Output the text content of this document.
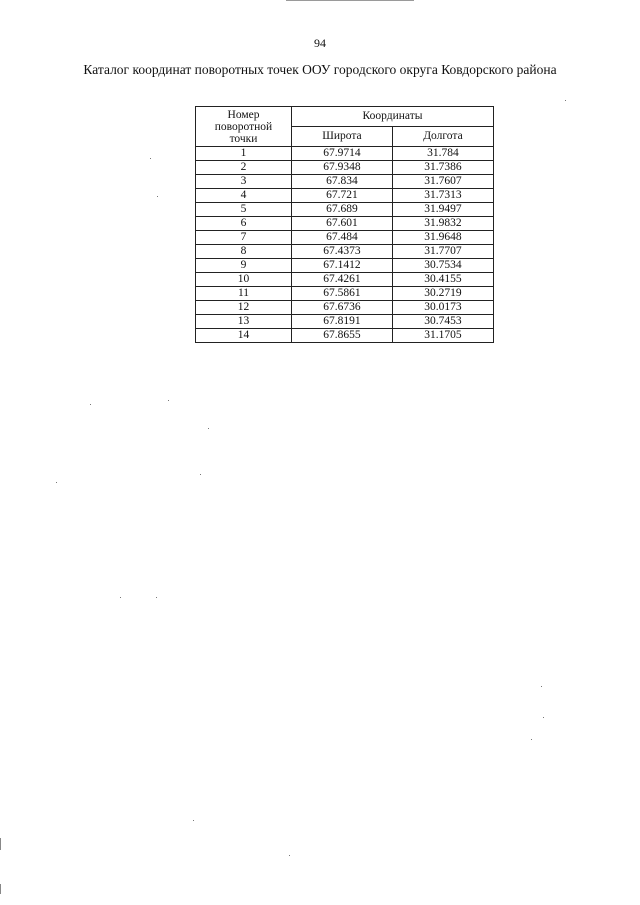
94
Каталог координат поворотных точек ООУ городского округа Ковдорского района
Номер
поворотной
точки	Координаты	
	Широта	Долгота
1	67.9714	31.784
2	67.9348	31.7386
3	67.834	31.7607
4	67.721	31.7313
5	67.689	31.9497
6	67.601	31.9832
7	67.484	31.9648
8	67.4373	31.7707
9	67.1412	30.7534
10	67.4261	30.4155
11	67.5861	30.2719
12	67.6736	30.0173
13	67.8191	30.7453
14	67.8655	31.1705
